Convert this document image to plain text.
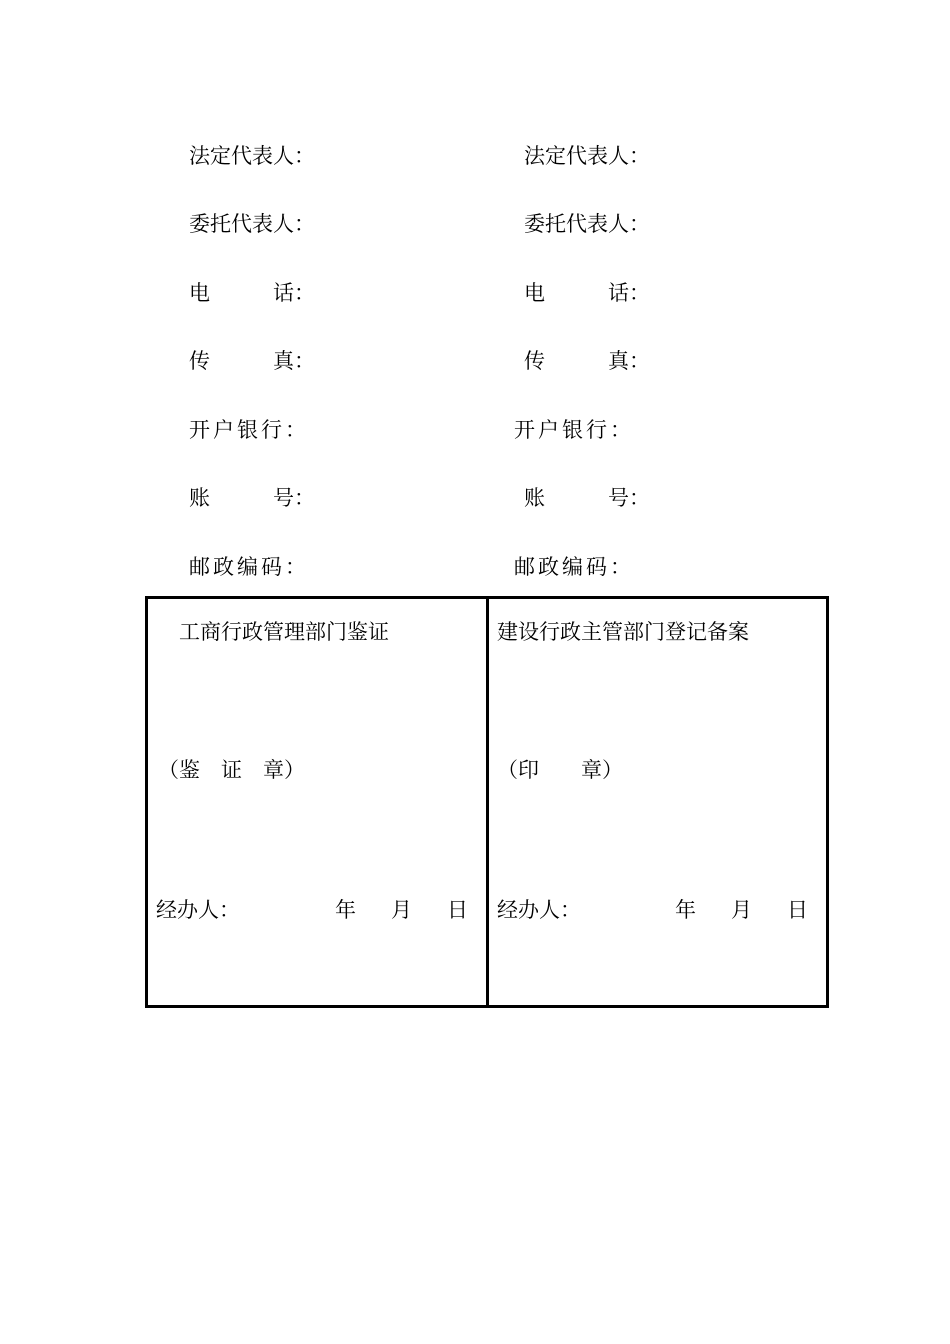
法定代表人：
委托代表人：
电　　　话：
传　　　真：
开户银行：
账　　　号：
邮政编码：
法定代表人：
委托代表人：
电　　　话：
传　　　真：
开户银行：
账　　　号：
邮政编码：
工商行政管理部门鉴证
（鉴　证　章）
经办人：	年 月 日
建设行政主管部门登记备案
（印　　章）
经办人：	年 月 日
